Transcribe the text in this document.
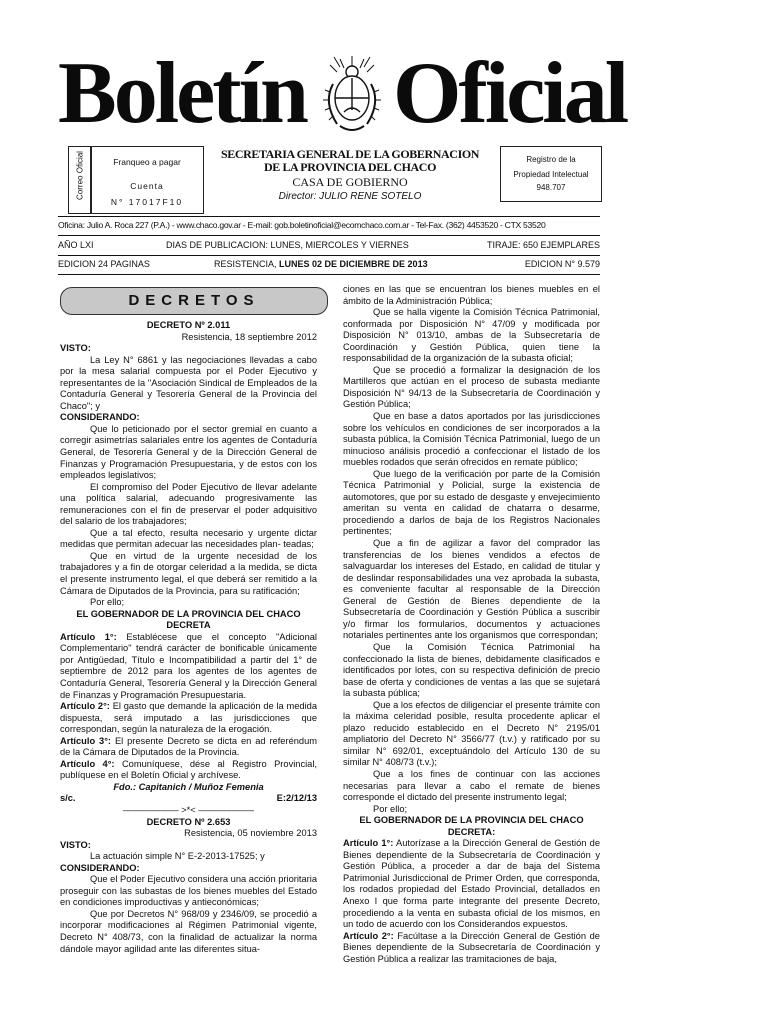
Boletín Oficial
Correo Oficial	Franqueo a pagar
Cuenta
N° 17017F10
SECRETARIA GENERAL DE LA GOBERNACION
DE LA PROVINCIA DEL CHACO
CASA DE GOBIERNO
Director: JULIO RENE SOTELO
Registro de la
Propiedad Intelectual
948.707
Oficina: Julio A. Roca 227 (P.A.) - www.chaco.gov.ar - E-mail: gob.boletinoficial@ecomchaco.com.ar - Tel-Fax. (362) 4453520 - CTX 53520
AÑO LXI	DIAS DE PUBLICACION: LUNES, MIERCOLES Y VIERNES	TIRAJE: 650 EJEMPLARES
EDICION 24 PAGINAS	RESISTENCIA, LUNES 02 DE DICIEMBRE DE 2013	EDICION N° 9.579
DECRETOS

DECRETO Nº 2.011

Resistencia, 18 septiembre 2012

VISTO:

La Ley N° 6861 y las negociaciones llevadas a cabo por la mesa salarial compuesta por el Poder Ejecutivo y representantes de la "Asociación Sindical de Empleados de la Contaduría General y Tesorería General de la Provincia del Chaco"; y

CONSIDERANDO:

Que lo peticionado por el sector gremial en cuanto a corregir asimetrías salariales entre los agentes de Contaduría General, de Tesorería General y de la Dirección General de Finanzas y Programación Presupuestaria, y de estos con los empleados legislativos;

El compromiso del Poder Ejecutivo de llevar adelante una política salarial, adecuando progresivamente las remuneraciones con el fin de preservar el poder adquisitivo del salario de los trabajadores;

Que a tal efecto, resulta necesario y urgente dictar medidas que permitan adecuar las necesidades plan- teadas;

Que en virtud de la urgente necesidad de los trabajadores y a fin de otorgar celeridad a la medida, se dicta el presente instrumento legal, el que deberá ser remitido a la Cámara de Diputados de la Provincia, para su ratificación;

Por ello;

EL GOBERNADOR DE LA PROVINCIA DEL CHACO

DECRETA

Artículo 1°: Establécese que el concepto "Adicional Complementario" tendrá carácter de bonificable únicamente por Antigüedad, Título e Incompatibilidad a partir del 1° de septiembre de 2012 para los agentes de los agentes de Contaduría General, Tesorería General y la Dirección General de Finanzas y Programación Presupuestaria.

Artículo 2°: El gasto que demande la aplicación de la medida dispuesta, será imputado a las jurisdicciones que correspondan, según la naturaleza de la erogación.

Artículo 3°: El presente Decreto se dicta en ad referéndum de la Cámara de Diputados de la Provincia.

Artículo 4°: Comuníquese, dése al Registro Provincial, publíquese en el Boletín Oficial y archívese.

Fdo.: Capitanich / Muñoz Femenia

s/c.	E:2/12/13

—————— >*< ——————

DECRETO Nº 2.653

Resistencia, 05 noviembre 2013

VISTO:

La actuación simple N° E-2-2013-17525; y

CONSIDERANDO:

Que el Poder Ejecutivo considera una acción prioritaria proseguir con las subastas de los bienes muebles del Estado en condiciones improductivas y antieconómicas;

Que por Decretos N° 968/09 y 2346/09, se procedió a incorporar modificaciones al Régimen Patrimonial vigente, Decreto N° 408/73, con la finalidad de actualizar la norma dándole mayor agilidad ante las diferentes situa-

ciones en las que se encuentran los bienes muebles en el ámbito de la Administración Pública;

Que se halla vigente la Comisión Técnica Patrimonial, conformada por Disposición N° 47/09 y modificada por Disposición N° 013/10, ambas de la Subsecretaría de Coordinación y Gestión Pública, quien tiene la responsabilidad de la organización de la subasta oficial;

Que se procedió a formalizar la designación de los Martilleros que actúan en el proceso de subasta mediante Disposición N° 94/13 de la Subsecretaría de Coordinación y Gestión Pública;

Que en base a datos aportados por las jurisdicciones sobre los vehículos en condiciones de ser incorporados a la subasta pública, la Comisión Técnica Patrimonial, luego de un minucioso análisis procedió a confeccionar el listado de los muebles rodados que serán ofrecidos en remate público;

Que luego de la verificación por parte de la Comisión Técnica Patrimonial y Policial, surge la existencia de automotores, que por su estado de desgaste y envejecimiento ameritan su venta en calidad de chatarra o desarme, procediendo a darlos de baja de los Registros Nacionales pertinentes;

Que a fin de agilizar a favor del comprador las transferencias de los bienes vendidos a efectos de salvaguardar los intereses del Estado, en calidad de titular y de deslindar responsabilidades una vez aprobada la subasta, es conveniente facultar al responsable de la Dirección General de Gestión de Bienes dependiente de la Subsecretaría de Coordinación y Gestión Pública a suscribir y/o firmar los formularios, documentos y actuaciones notariales pertinentes ante los organismos que correspondan;

Que la Comisión Técnica Patrimonial ha confeccionado la lista de bienes, debidamente clasificados e identificados por lotes, con su respectiva definición de precio base de oferta y condiciones de ventas a las que se sujetará la subasta pública;

Que a los efectos de diligenciar el presente trámite con la máxima celeridad posible, resulta procedente aplicar el plazo reducido establecido en el Decreto N° 2195/01 ampliatorio del Decreto N° 3566/77 (t.v.) y ratificado por su similar N° 692/01, exceptuándolo del Artículo 130 de su similar N° 408/73 (t.v.);

Que a los fines de continuar con las acciones necesarias para llevar a cabo el remate de bienes corresponde el dictado del presente instrumento legal;

Por ello;

EL GOBERNADOR DE LA PROVINCIA DEL CHACO

DECRETA:

Artículo 1°: Autorízase a la Dirección General de Gestión de Bienes dependiente de la Subsecretaría de Coordinación y Gestión Pública, a proceder a dar de baja del Sistema Patrimonial Jurisdiccional de Primer Orden, que corresponda, los rodados propiedad del Estado Provincial, detallados en Anexo I que forma parte integrante del presente Decreto, procediendo a la venta en subasta oficial de los mismos, en un todo de acuerdo con los Considerandos expuestos.

Artículo 2°: Facúltase a la Dirección General de Gestión de Bienes dependiente de la Subsecretaría de Coordinación y Gestión Pública a realizar las tramitaciones de baja,
